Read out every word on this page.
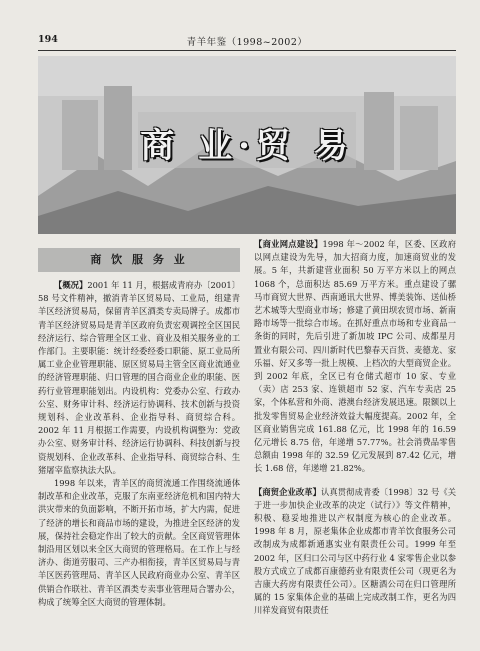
194	青羊年鉴（1998~2002）
商 业·贸 易
商 饮 服 务 业

【概况】2001 年 11 月，根据成青府办〔2001〕58 号文件精神，撤消青羊区贸易局、工业局，组建青羊区经济贸易局，保留青羊区酒类专卖局牌子。成都市青羊区经济贸易局是青羊区政府负责宏观调控全区国民经济运行、综合管理全区工业、商业及相关服务业的工作部门。主要职能：统计经委经委口职能、原工业局所属工业企业管理职能、原区贸易局主管全区商业流通业的经济管理职能、归口管理的国合商业企业的职能、医药行业管理职能划出。内设机构：党委办公室、行政办公室、财务审计科、经济运行协调科、技术创新与投资规划科、企业改革科、企业指导科、商贸综合科。2002 年 11 月根据工作需要，内设机构调整为：党政办公室、财务审计科、经济运行协调科、科技创新与投资规划科、企业改革科、企业指导科、商贸综合科、生猪屠宰监察执法大队。

1998 年以来，青羊区的商贸流通工作围绕流通体制改革和企业改革，克服了东南亚经济危机和国内特大洪灾带来的负面影响，不断开拓市场，扩大内需，促进了经济的增长和商品市场的建设，为推进全区经济的发展，保持社会稳定作出了较大的贡献。全区商贸管理体制沿用区划以来全区大商贸的管理格局。在工作上与经济办、街道劳服司、三产办相衔接，青羊区贸易局与青羊区医药管理局、青羊区人民政府商业办公室、青羊区供销合作联社、青羊区酒类专卖事业管理局合署办公，构成了统筹全区大商贸的管理体制。

【商业网点建设】1998 年～2002 年，区委、区政府以网点建设为先导，加大招商力度，加速商贸业的发展。5 年，共新建营业面积 50 万平方米以上的网点 1068 个，总面积达 85.69 万平方米。重点建设了骡马市商贸大世界、西南通讯大世界、博美装饰、送仙桥艺术城等大型商业市场；修建了黄田坝农贸市场、新南路市场等一批综合市场。在抓好重点市场和专业商品一条街的同时，先后引进了新加坡 IPC 公司、成都星月置业有限公司、四川新时代巴黎春天百货、麦德龙、家乐福、好又多等一批上规模、上档次的大型商贸企业。到 2002 年底，全区已有仓储式超市 10 家、专业（卖）店 253 家、连锁超市 52 家、汽车专卖店 25 家，个体私营和外商、港澳台经济发展迅速。限额以上批发零售贸易企业经济效益大幅度提高。2002 年，全区商业销售完成 161.88 亿元，比 1998 年的 16.59 亿元增长 8.75 倍，年递增 57.77%。社会消费品零售总额由 1998 年的 32.59 亿元发展到 87.42 亿元，增长 1.68 倍，年递增 21.82%。

【商贸企业改革】认真贯彻成青委〔1998〕32 号《关于进一步加快企业改革的决定（试行）》等文件精神，积极、稳妥地推进以产权制度为核心的企业改革。1998 年 8 月，原老集体企业成都市青羊饮食服务公司改制成为成都新通惠实业有限责任公司。1999 年至 2002 年，区归口公司与区中药行业 4 家零售企业以参股方式成立了成都百康德药业有限责任公司（现更名为吉康大药房有限责任公司）。区糖酒公司在归口管理所属的 15 家集体企业的基础上完成改制工作，更名为四川祥发商贸有限责任
